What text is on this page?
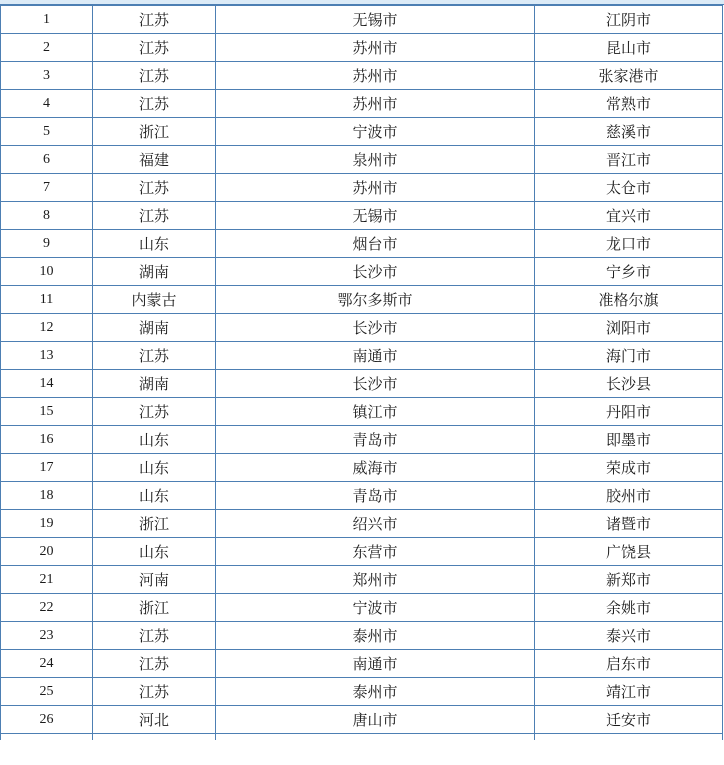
1	江苏	无锡市	江阴市
2	江苏	苏州市	昆山市
3	江苏	苏州市	张家港市
4	江苏	苏州市	常熟市
5	浙江	宁波市	慈溪市
6	福建	泉州市	晋江市
7	江苏	苏州市	太仓市
8	江苏	无锡市	宜兴市
9	山东	烟台市	龙口市
10	湖南	长沙市	宁乡市
11	内蒙古	鄂尔多斯市	准格尔旗
12	湖南	长沙市	浏阳市
13	江苏	南通市	海门市
14	湖南	长沙市	长沙县
15	江苏	镇江市	丹阳市
16	山东	青岛市	即墨市
17	山东	威海市	荣成市
18	山东	青岛市	胶州市
19	浙江	绍兴市	诸暨市
20	山东	东营市	广饶县
21	河南	郑州市	新郑市
22	浙江	宁波市	余姚市
23	江苏	泰州市	泰兴市
24	江苏	南通市	启东市
25	江苏	泰州市	靖江市
26	河北	唐山市	迁安市
